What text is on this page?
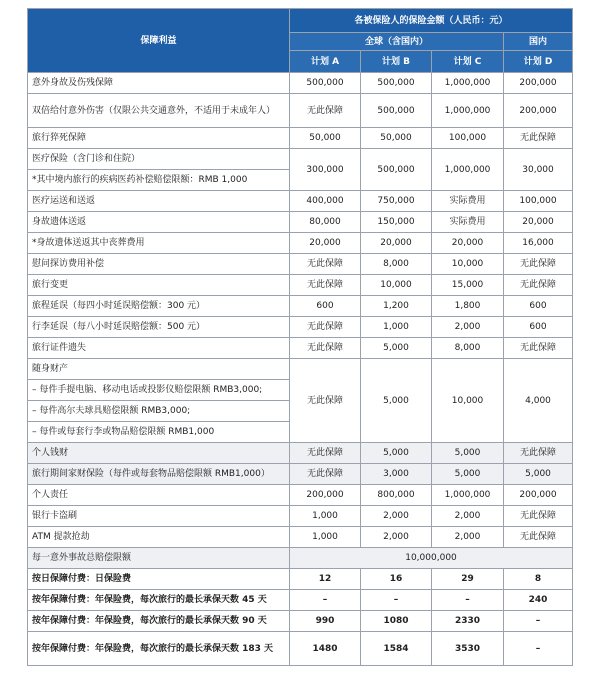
保障利益	各被保险人的保险金额（人民币：元）			
	全球（含国内）			国内
	计划 A	计划 B	计划 C	计划 D
意外身故及伤残保障	500,000	500,000	1,000,000	200,000
双倍给付意外伤害（仅限公共交通意外，不适用于未成年人）	无此保障	500,000	1,000,000	200,000
旅行猝死保障	50,000	50,000	100,000	无此保障
医疗保险（含门诊和住院）	300,000	500,000	1,000,000	30,000
*其中境内旅行的疾病医药补偿赔偿限额：RMB 1,000				
医疗运送和送返	400,000	750,000	实际费用	100,000
身故遗体送返	80,000	150,000	实际费用	20,000
*身故遗体送返其中丧葬费用	20,000	20,000	20,000	16,000
慰问探访费用补偿	无此保障	8,000	10,000	无此保障
旅行变更	无此保障	10,000	15,000	无此保障
旅程延误（每四小时延误赔偿额：300 元）	600	1,200	1,800	600
行李延误（每八小时延误赔偿额：500 元）	无此保障	1,000	2,000	600
旅行证件遗失	无此保障	5,000	8,000	无此保障
随身财产	无此保障	5,000	10,000	4,000
– 每件手提电脑、移动电话或投影仪赔偿限额 RMB3,000;				
– 每件高尔夫球具赔偿限额 RMB3,000;				
– 每件或每套行李或物品赔偿限额 RMB1,000				
个人钱财	无此保障	5,000	5,000	无此保障
旅行期间家财保险（每件或每套物品赔偿限额 RMB1,000）	无此保障	3,000	5,000	5,000
个人责任	200,000	800,000	1,000,000	200,000
银行卡盗刷	1,000	2,000	2,000	无此保障
ATM 提款抢劫	1,000	2,000	2,000	无此保障
每一意外事故总赔偿限额	10,000,000			
按日保障付费：日保险费	12	16	29	8
按年保障付费：年保险费，每次旅行的最长承保天数 45 天	–	–	–	240
按年保障付费：年保险费，每次旅行的最长承保天数 90 天	990	1080	2330	–
按年保障付费：年保险费，每次旅行的最长承保天数 183 天	1480	1584	3530	–
